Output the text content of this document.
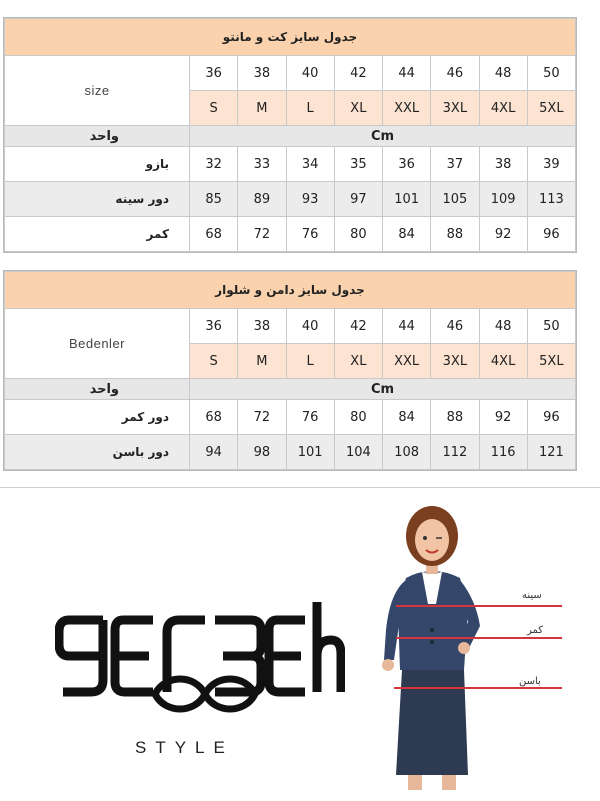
جدول سایز کت و مانتو								
size	36	38	40	42	44	46	48	50
	S	M	L	XL	XXL	3XL	4XL	5XL
واحد	Cm							
بازو	32	33	34	35	36	37	38	39
دور سینه	85	89	93	97	101	105	109	113
کمر	68	72	76	80	84	88	92	96
جدول سایز دامن و شلوار								
Bedenler	36	38	40	42	44	46	48	50
	S	M	L	XL	XXL	3XL	4XL	5XL
واحد	Cm							
دور کمر	68	72	76	80	84	88	92	96
دور باسن	94	98	101	104	108	112	116	121
STYLE
سینه
کمر
باسن
